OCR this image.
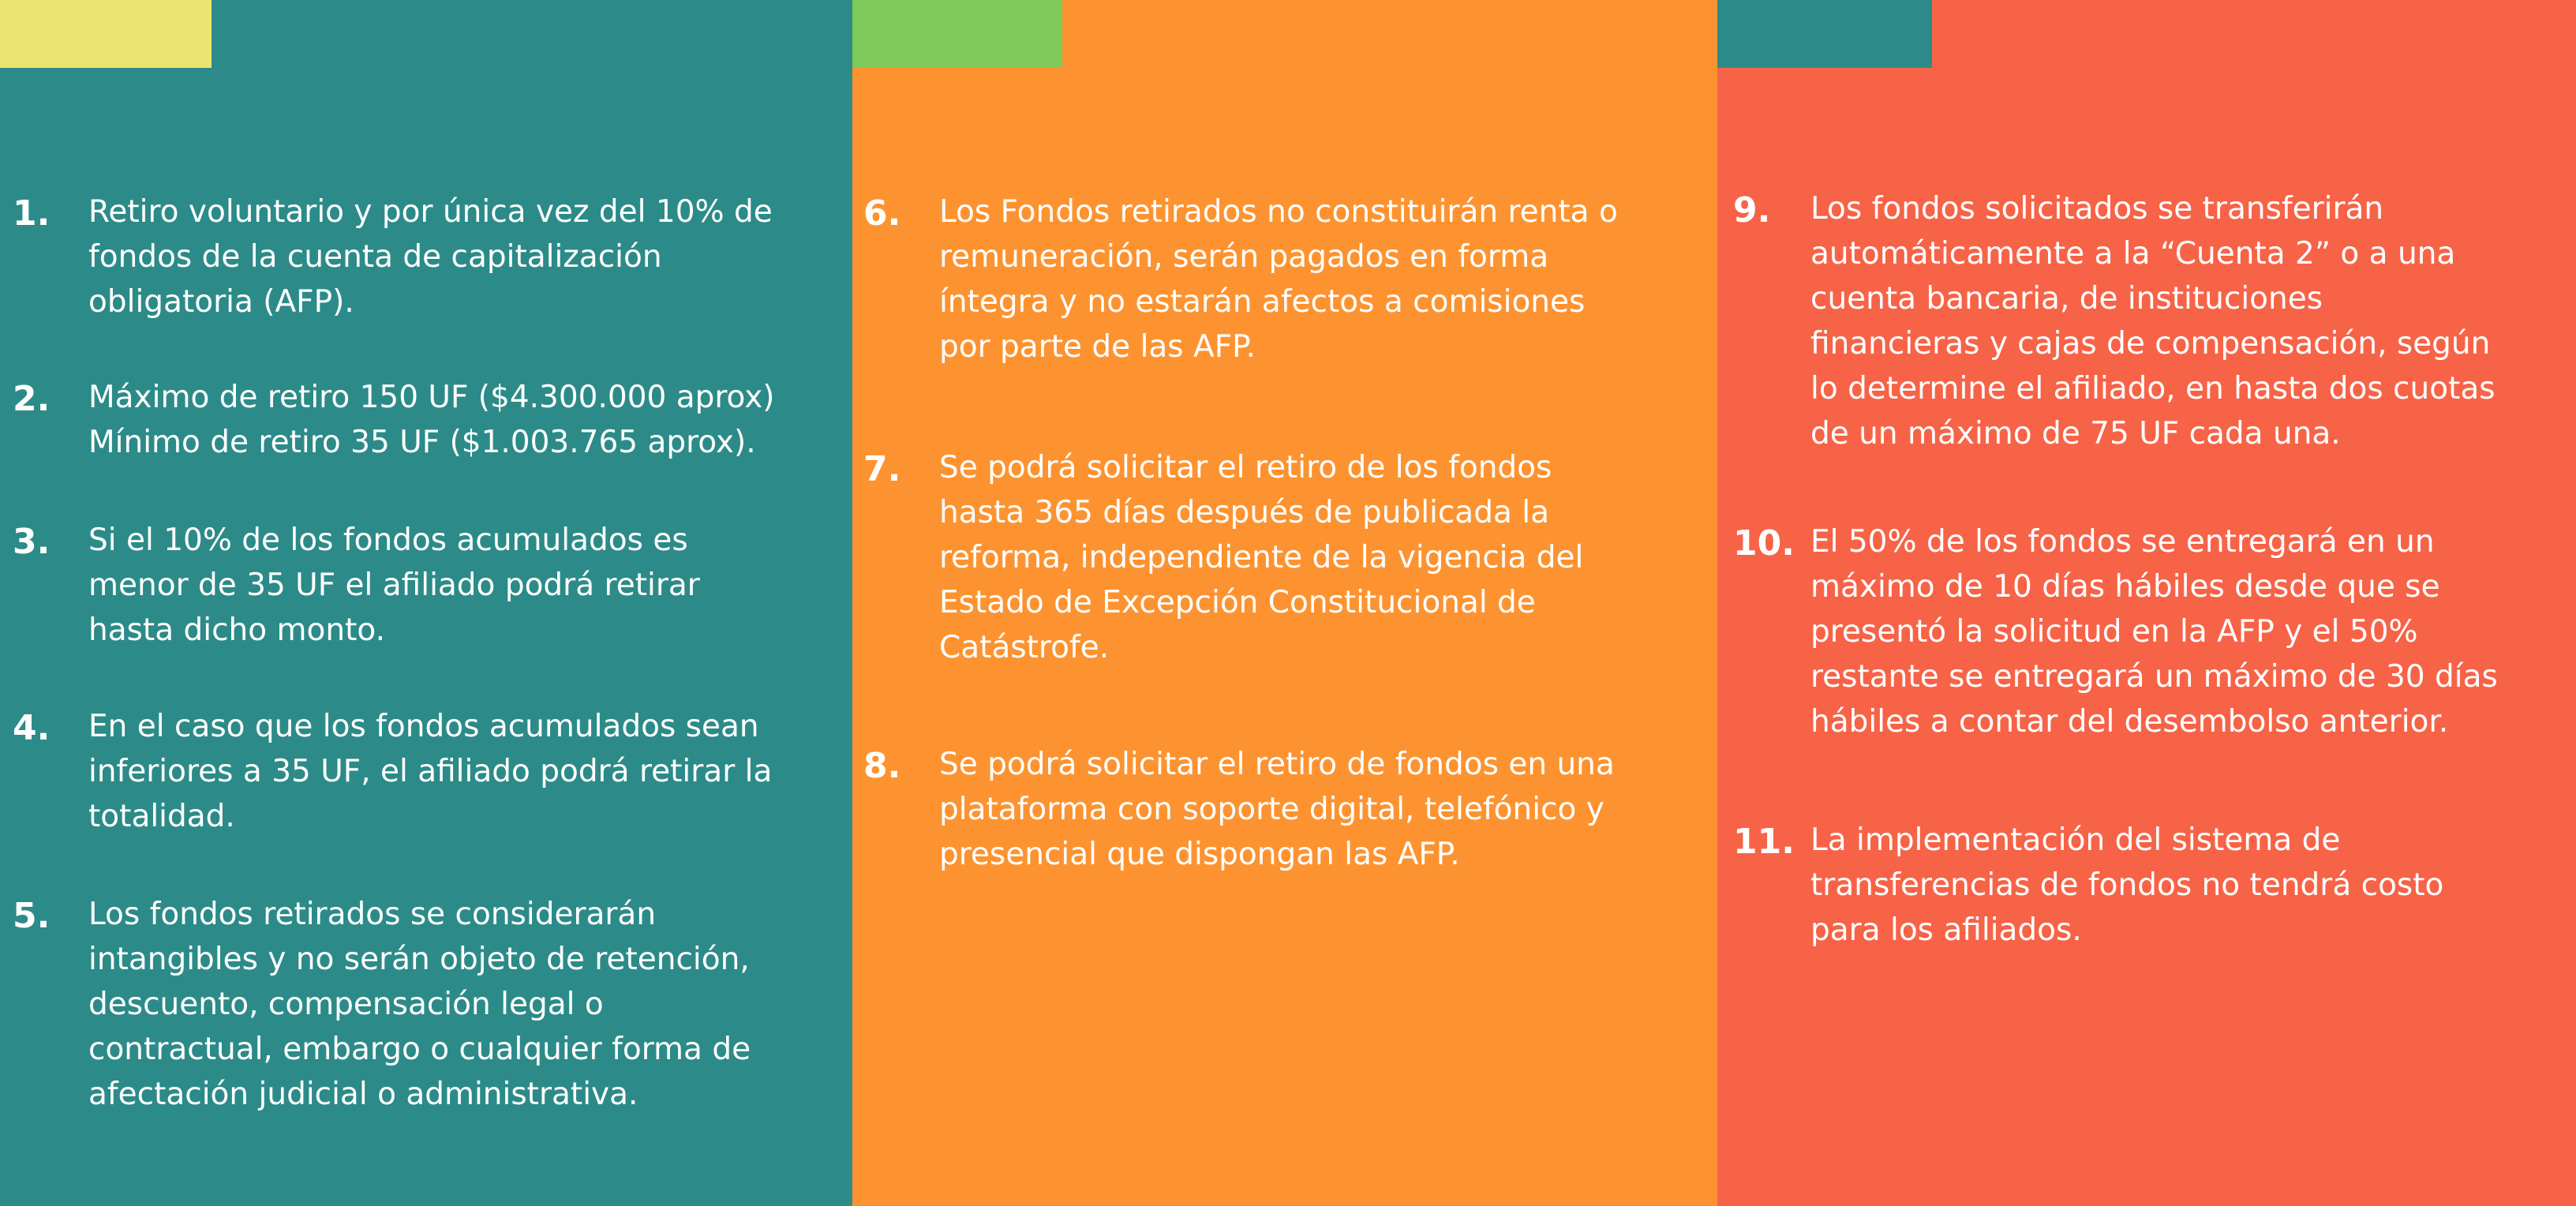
1. Retiro voluntario y por única vez del 10% de
fondos de la cuenta de capitalización
obligatoria (AFP).
2. Máximo de retiro 150 UF ($4.300.000 aprox)
Mínimo de retiro 35 UF ($1.003.765 aprox).
3. Si el 10% de los fondos acumulados es
menor de 35 UF el afiliado podrá retirar
hasta dicho monto.
4. En el caso que los fondos acumulados sean
inferiores a 35 UF, el afiliado podrá retirar la
totalidad.
5. Los fondos retirados se considerarán
intangibles y no serán objeto de retención,
descuento, compensación legal o
contractual, embargo o cualquier forma de
afectación judicial o administrativa.
6. Los Fondos retirados no constituirán renta o
remuneración, serán pagados en forma
íntegra y no estarán afectos a comisiones
por parte de las AFP.
7. Se podrá solicitar el retiro de los fondos
hasta 365 días después de publicada la
reforma, independiente de la vigencia del
Estado de Excepción Constitucional de
Catástrofe.
8. Se podrá solicitar el retiro de fondos en una
plataforma con soporte digital, telefónico y
presencial que dispongan las AFP.
9. Los fondos solicitados se transferirán
automáticamente a la “Cuenta 2” o a una
cuenta bancaria, de instituciones
financieras y cajas de compensación, según
lo determine el afiliado, en hasta dos cuotas
de un máximo de 75 UF cada una.
10. El 50% de los fondos se entregará en un
máximo de 10 días hábiles desde que se
presentó la solicitud en la AFP y el 50%
restante se entregará un máximo de 30 días
hábiles a contar del desembolso anterior.
11. La implementación del sistema de
transferencias de fondos no tendrá costo
para los afiliados.
